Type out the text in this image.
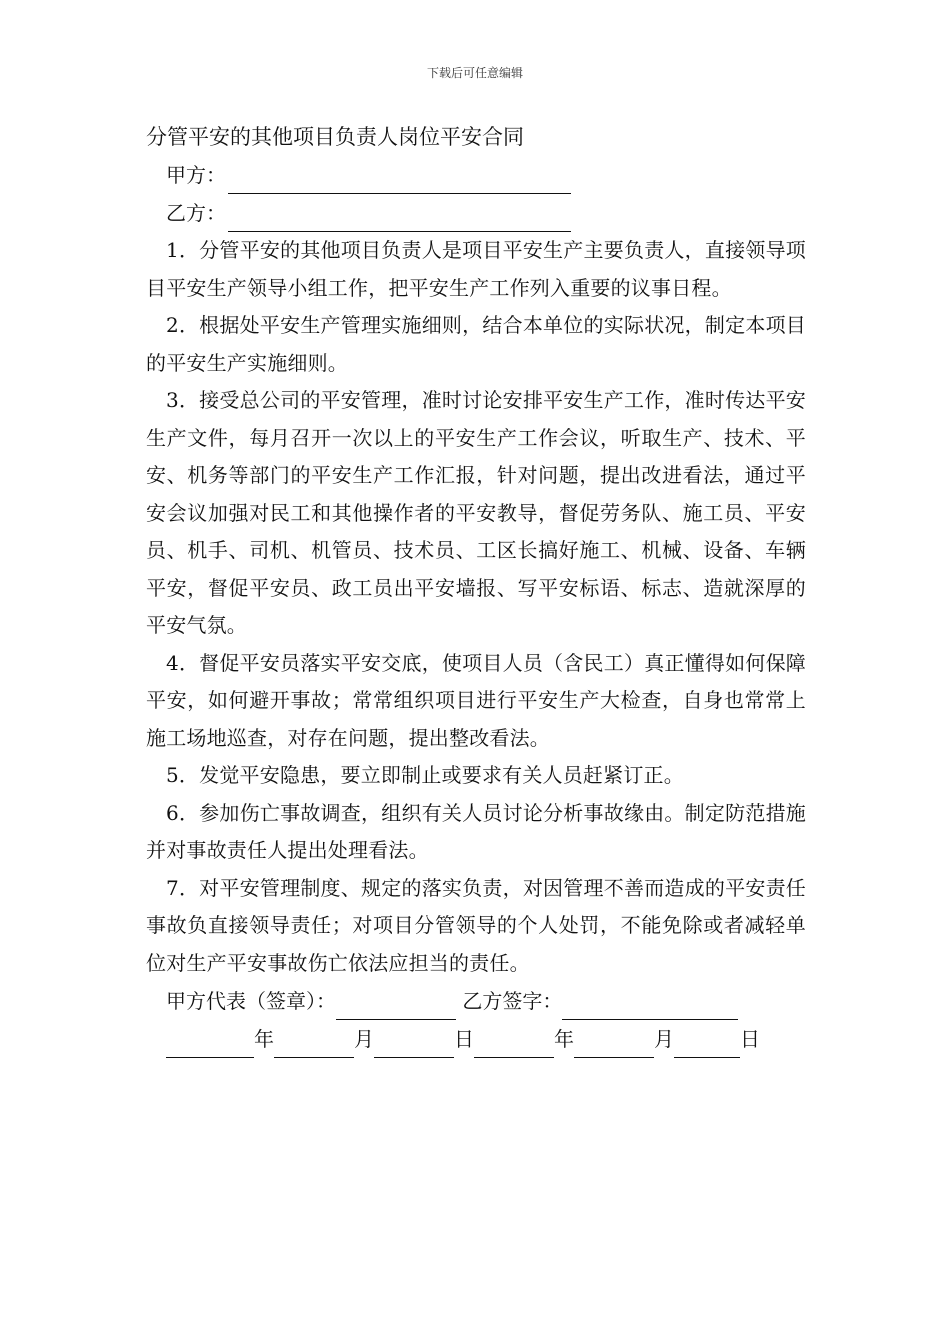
下载后可任意编辑
分管平安的其他项目负责人岗位平安合同
甲方：
乙方：

1．分管平安的其他项目负责人是项目平安生产主要负责人，直接领导项目平安生产领导小组工作，把平安生产工作列入重要的议事日程。

2．根据处平安生产管理实施细则，结合本单位的实际状况，制定本项目的平安生产实施细则。

3．接受总公司的平安管理，准时讨论安排平安生产工作，准时传达平安生产文件，每月召开一次以上的平安生产工作会议，听取生产、技术、平安、机务等部门的平安生产工作汇报，针对问题，提出改进看法，通过平安会议加强对民工和其他操作者的平安教导，督促劳务队、施工员、平安员、机手、司机、机管员、技术员、工区长搞好施工、机械、设备、车辆平安，督促平安员、政工员出平安墙报、写平安标语、标志、造就深厚的平安气氛。

4．督促平安员落实平安交底，使项目人员（含民工）真正懂得如何保障平安，如何避开事故；常常组织项目进行平安生产大检查，自身也常常上施工场地巡查，对存在问题，提出整改看法。

5．发觉平安隐患，要立即制止或要求有关人员赶紧订正。

6．参加伤亡事故调查，组织有关人员讨论分析事故缘由。制定防范措施并对事故责任人提出处理看法。

7．对平安管理制度、规定的落实负责，对因管理不善而造成的平安责任事故负直接领导责任；对项目分管领导的个人处罚，不能免除或者减轻单位对生产平安事故伤亡依法应担当的责任。

甲方代表（签章）：	乙方签字：
年	月	日	年	月	日
